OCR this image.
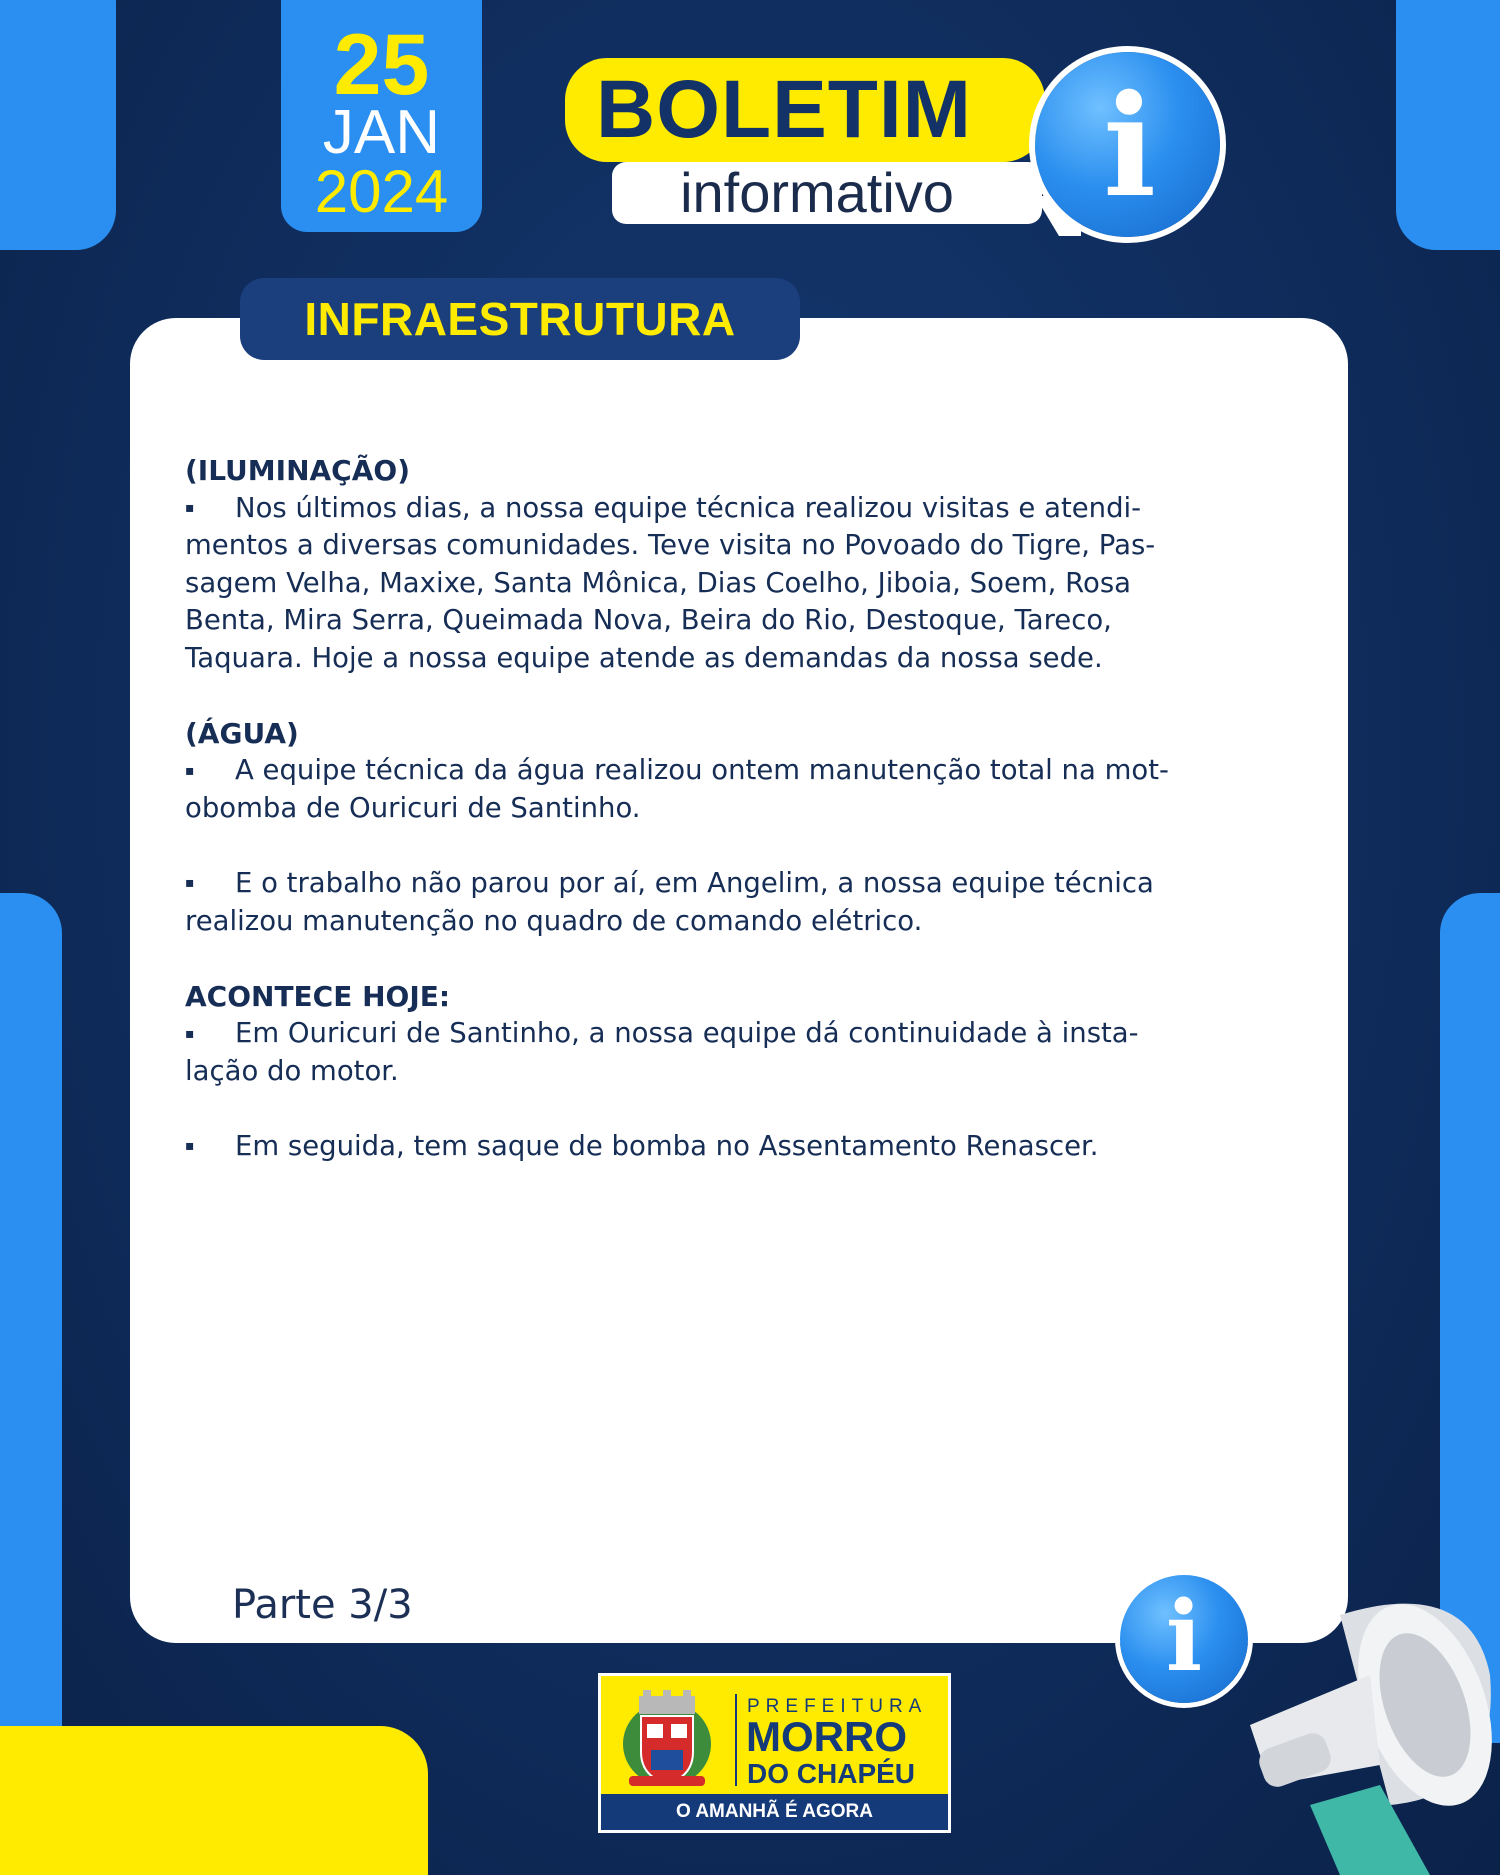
25
JAN
2024
BOLETIM
informativo	i
INFRAESTRUTURA

(ILUMINAÇÃO)

▪ Nos últimos dias, a nossa equipe técnica realizou visitas e atendi-
mentos a diversas comunidades. Teve visita no Povoado do Tigre, Pas-
sagem Velha, Maxixe, Santa Mônica, Dias Coelho, Jiboia, Soem, Rosa
Benta, Mira Serra, Queimada Nova, Beira do Rio, Destoque, Tareco,
Taquara. Hoje a nossa equipe atende as demandas da nossa sede.

(ÁGUA)

▪ A equipe técnica da água realizou ontem manutenção total na mot-
obomba de Ouricuri de Santinho.

▪ E o trabalho não parou por aí, em Angelim, a nossa equipe técnica
realizou manutenção no quadro de comando elétrico.

ACONTECE HOJE:

▪ Em Ouricuri de Santinho, a nossa equipe dá continuidade à insta-
lação do motor.

▪ Em seguida, tem saque de bomba no Assentamento Renascer.

Parte 3/3
PREFEITURA
MORRO
DO CHAPÉU
O AMANHÃ É AGORA
i
